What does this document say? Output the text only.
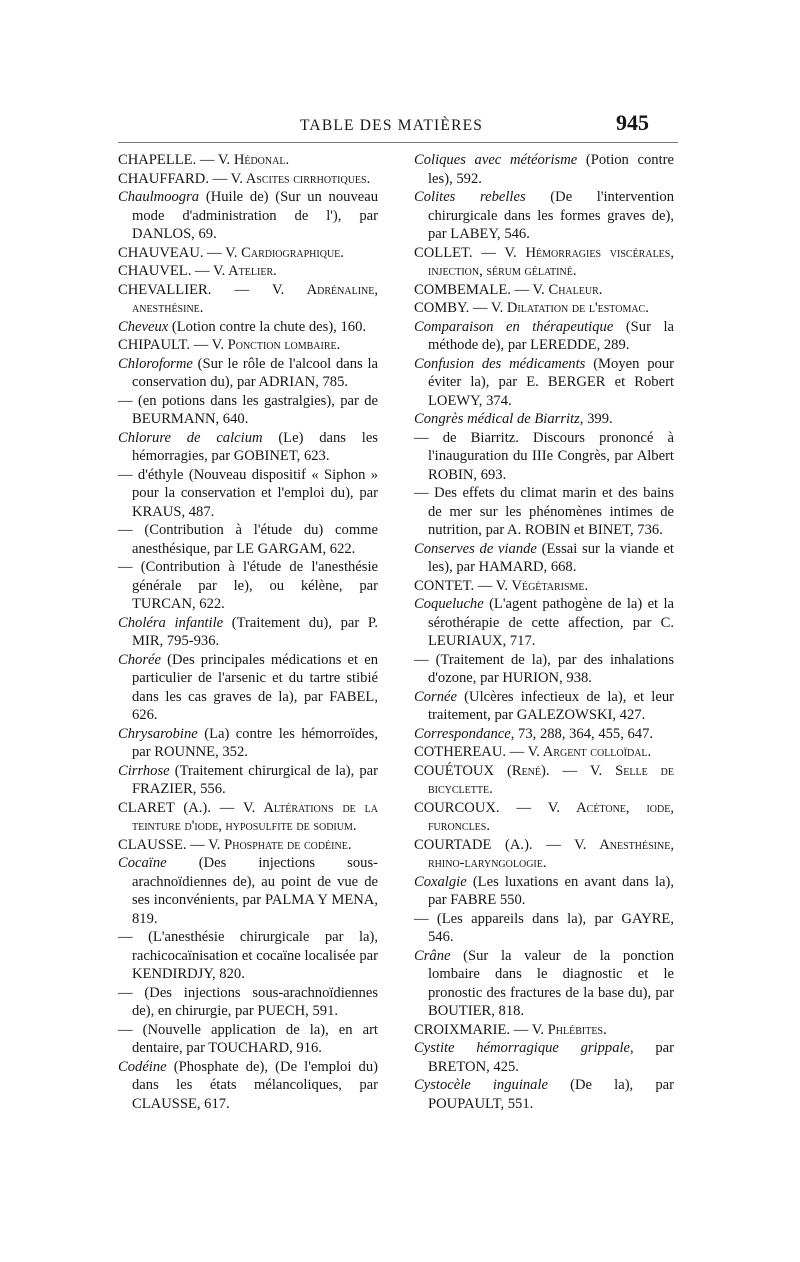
TABLE DES MATIÈRES	945
CHAPELLE. — V. Hédonal.
CHAUFFARD. — V. Ascites cirrhotiques.
Chaulmoogra (Huile de) (Sur un nouveau mode d'administration de l'), par DANLOS, 69.
CHAUVEAU. — V. Cardiographique.
CHAUVEL. — V. Atelier.
CHEVALLIER. — V. Adrénaline, anesthésine.
Cheveux (Lotion contre la chute des), 160.
CHIPAULT. — V. Ponction lombaire.
Chloroforme (Sur le rôle de l'alcool dans la conservation du), par ADRIAN, 785.
— (en potions dans les gastralgies), par de BEURMANN, 640.
Chlorure de calcium (Le) dans les hémorragies, par GOBINET, 623.
— d'éthyle (Nouveau dispositif « Siphon » pour la conservation et l'emploi du), par KRAUS, 487.
— (Contribution à l'étude du) comme anesthésique, par LE GARGAM, 622.
— (Contribution à l'étude de l'anesthésie générale par le), ou kélène, par TURCAN, 622.
Choléra infantile (Traitement du), par P. MIR, 795-936.
Chorée (Des principales médications et en particulier de l'arsenic et du tartre stibié dans les cas graves de la), par FABEL, 626.
Chrysarobine (La) contre les hémorroïdes, par ROUNNE, 352.
Cirrhose (Traitement chirurgical de la), par FRAZIER, 556.
CLARET (A.). — V. Altérations de la teinture d'iode, hyposulfite de sodium.
CLAUSSE. — V. Phosphate de codéine.
Cocaïne (Des injections sous-arachnoïdiennes de), au point de vue de ses inconvénients, par PALMA Y MENA, 819.
— (L'anesthésie chirurgicale par la), rachicocaïnisation et cocaïne localisée par KENDIRDJY, 820.
— (Des injections sous-arachnoïdiennes de), en chirurgie, par PUECH, 591.
— (Nouvelle application de la), en art dentaire, par TOUCHARD, 916.
Codéine (Phosphate de), (De l'emploi du) dans les états mélancoliques, par CLAUSSE, 617.
Coliques avec météorisme (Potion contre les), 592.
Colites rebelles (De l'intervention chirurgicale dans les formes graves de), par LABEY, 546.
COLLET. — V. Hémorragies viscérales, injection, sérum gélatiné.
COMBEMALE. — V. Chaleur.
COMBY. — V. Dilatation de l'estomac.
Comparaison en thérapeutique (Sur la méthode de), par LEREDDE, 289.
Confusion des médicaments (Moyen pour éviter la), par E. BERGER et Robert LOEWY, 374.
Congrès médical de Biarritz, 399.
— de Biarritz. Discours prononcé à l'inauguration du IIIe Congrès, par Albert ROBIN, 693.
— Des effets du climat marin et des bains de mer sur les phénomènes intimes de nutrition, par A. ROBIN et BINET, 736.
Conserves de viande (Essai sur la viande et les), par HAMARD, 668.
CONTET. — V. Végétarisme.
Coqueluche (L'agent pathogène de la) et la sérothérapie de cette affection, par C. LEURIAUX, 717.
— (Traitement de la), par des inhalations d'ozone, par HURION, 938.
Cornée (Ulcères infectieux de la), et leur traitement, par GALEZOWSKI, 427.
Correspondance, 73, 288, 364, 455, 647.
COTHEREAU. — V. Argent colloïdal.
COUÉTOUX (René). — V. Selle de bicyclette.
COURCOUX. — V. Acétone, iode, furoncles.
COURTADE (A.). — V. Anesthésine, rhino-laryngologie.
Coxalgie (Les luxations en avant dans la), par FABRE 550.
— (Les appareils dans la), par GAYRE, 546.
Crâne (Sur la valeur de la ponction lombaire dans le diagnostic et le pronostic des fractures de la base du), par BOUTIER, 818.
CROIXMARIE. — V. Phlébites.
Cystite hémorragique grippale, par BRETON, 425.
Cystocèle inguinale (De la), par POUPAULT, 551.
